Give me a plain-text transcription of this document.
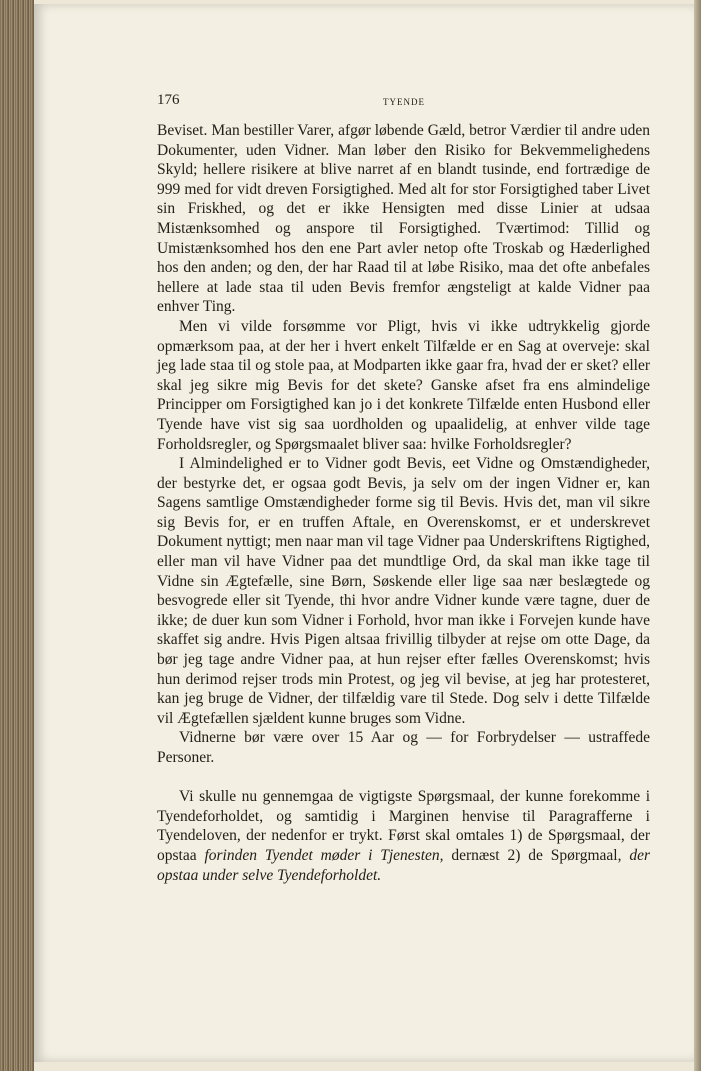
176	TYENDE

Beviset. Man bestiller Varer, afgør løbende Gæld, betror Værdier til andre uden Dokumenter, uden Vidner. Man løber den Risiko for Bekvemmelighedens Skyld; hellere risikere at blive narret af en blandt tusinde, end fortrædige de 999 med for vidt dreven Forsigtighed. Med alt for stor Forsigtighed taber Livet sin Friskhed, og det er ikke Hensigten med disse Linier at udsaa Mistænksomhed og anspore til Forsigtighed. Tværtimod: Tillid og Umistænksomhed hos den ene Part avler netop ofte Troskab og Hæderlighed hos den anden; og den, der har Raad til at løbe Risiko, maa det ofte anbefales hellere at lade staa til uden Bevis fremfor ængsteligt at kalde Vidner paa enhver Ting.

Men vi vilde forsømme vor Pligt, hvis vi ikke udtrykkelig gjorde opmærksom paa, at der her i hvert enkelt Tilfælde er en Sag at overveje: skal jeg lade staa til og stole paa, at Modparten ikke gaar fra, hvad der er sket? eller skal jeg sikre mig Bevis for det skete? Ganske afset fra ens almindelige Principper om Forsigtighed kan jo i det konkrete Tilfælde enten Husbond eller Tyende have vist sig saa uordholden og upaalidelig, at enhver vilde tage Forholdsregler, og Spørgsmaalet bliver saa: hvilke Forholdsregler?

I Almindelighed er to Vidner godt Bevis, eet Vidne og Omstændigheder, der bestyrke det, er ogsaa godt Bevis, ja selv om der ingen Vidner er, kan Sagens samtlige Omstændigheder forme sig til Bevis. Hvis det, man vil sikre sig Bevis for, er en truffen Aftale, en Overenskomst, er et underskrevet Dokument nyttigt; men naar man vil tage Vidner paa Underskriftens Rigtighed, eller man vil have Vidner paa det mundtlige Ord, da skal man ikke tage til Vidne sin Ægtefælle, sine Børn, Søskende eller lige saa nær beslægtede og besvogrede eller sit Tyende, thi hvor andre Vidner kunde være tagne, duer de ikke; de duer kun som Vidner i Forhold, hvor man ikke i Forvejen kunde have skaffet sig andre. Hvis Pigen altsaa frivillig tilbyder at rejse om otte Dage, da bør jeg tage andre Vidner paa, at hun rejser efter fælles Overenskomst; hvis hun derimod rejser trods min Protest, og jeg vil bevise, at jeg har protesteret, kan jeg bruge de Vidner, der tilfældig vare til Stede. Dog selv i dette Tilfælde vil Ægtefællen sjældent kunne bruges som Vidne.

Vidnerne bør være over 15 Aar og — for Forbrydelser — ustraffede Personer.

Vi skulle nu gennemgaa de vigtigste Spørgsmaal, der kunne forekomme i Tyendeforholdet, og samtidig i Marginen henvise til Paragrafferne i Tyendeloven, der nedenfor er trykt. Først skal omtales 1) de Spørgsmaal, der opstaa forinden Tyendet møder i Tjenesten, dernæst 2) de Spørgmaal, der opstaa under selve Tyendeforholdet.
